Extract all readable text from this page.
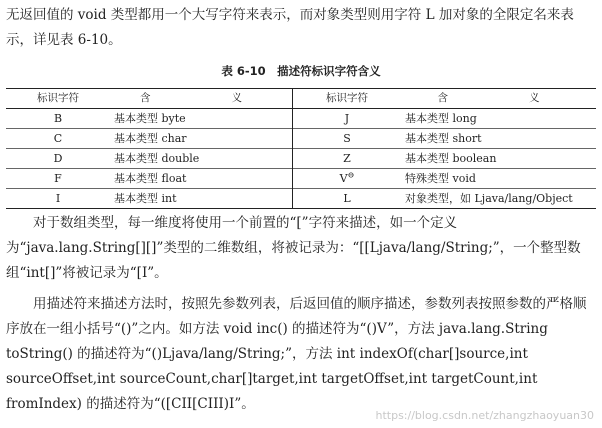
无返回值的 void 类型都用一个大写字符来表示，而对象类型则用字符 L 加对象的全限定名来表示，详见表 6-10。

表 6-10　描述符标识字符含义
标识字符	含　　义	标识字符	含　　义
B	基本类型 byte	J	基本类型 long
C	基本类型 char	S	基本类型 short
D	基本类型 double	Z	基本类型 boolean
F	基本类型 float	V⊖	特殊类型 void
I	基本类型 int	L	对象类型，如 Ljava/lang/Object

对于数组类型，每一维度将使用一个前置的“[”字符来描述，如一个定义为“java.lang.String[][]”类型的二维数组，将被记录为：“[[Ljava/lang/String;”，一个整型数组“int[]”将被记录为“[I”。

用描述符来描述方法时，按照先参数列表，后返回值的顺序描述，参数列表按照参数的严格顺序放在一组小括号“()”之内。如方法 void inc() 的描述符为“()V”，方法 java.lang.String toString() 的描述符为“()Ljava/lang/String;”，方法 int indexOf(char[]source,int sourceOffset,int sourceCount,char[]target,int targetOffset,int targetCount,int fromIndex) 的描述符为“([CII[CIII)I”。

https://blog.csdn.net/zhangzhaoyuan30
